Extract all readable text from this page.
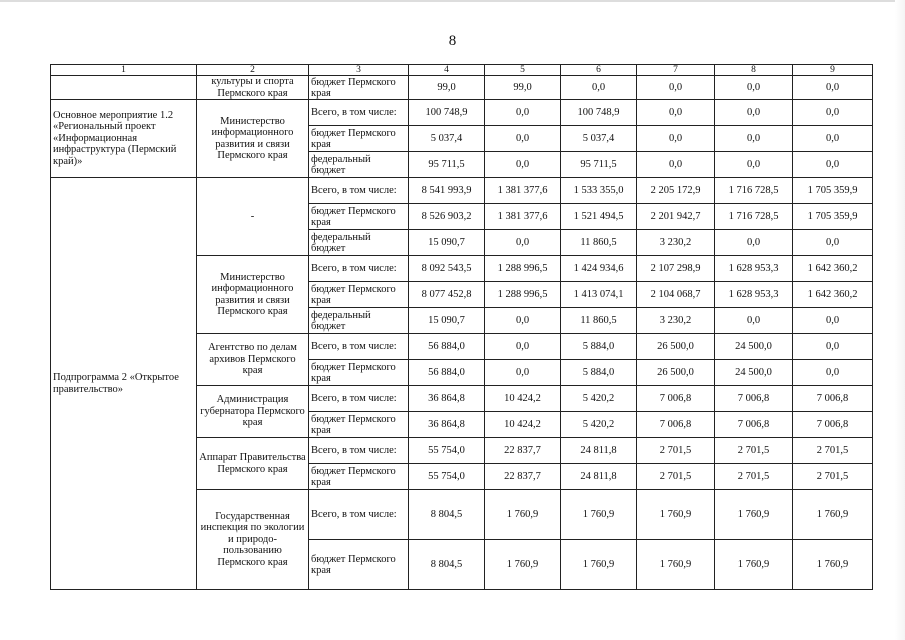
8
1	2	3	4	5	6	7	8	9
	культуры и спорта Пермского края	бюджет Пермского края	99,0	99,0	0,0	0,0	0,0	0,0
Основное мероприятие 1.2 «Региональный проект «Информационная инфраструктура (Пермский край)»	Министерство информационного развития и связи Пермского края	Всего, в том числе:	100 748,9	0,0	100 748,9	0,0	0,0	0,0
		бюджет Пермского края	5 037,4	0,0	5 037,4	0,0	0,0	0,0
		федеральный бюджет	95 711,5	0,0	95 711,5	0,0	0,0	0,0
Подпрограмма 2 «Открытое правительство»	-	Всего, в том числе:	8 541 993,9	1 381 377,6	1 533 355,0	2 205 172,9	1 716 728,5	1 705 359,9
		бюджет Пермского края	8 526 903,2	1 381 377,6	1 521 494,5	2 201 942,7	1 716 728,5	1 705 359,9
		федеральный бюджет	15 090,7	0,0	11 860,5	3 230,2	0,0	0,0
	Министерство информационного развития и связи Пермского края	Всего, в том числе:	8 092 543,5	1 288 996,5	1 424 934,6	2 107 298,9	1 628 953,3	1 642 360,2
		бюджет Пермского края	8 077 452,8	1 288 996,5	1 413 074,1	2 104 068,7	1 628 953,3	1 642 360,2
		федеральный бюджет	15 090,7	0,0	11 860,5	3 230,2	0,0	0,0
	Агентство по делам архивов Пермского края	Всего, в том числе:	56 884,0	0,0	5 884,0	26 500,0	24 500,0	0,0
		бюджет Пермского края	56 884,0	0,0	5 884,0	26 500,0	24 500,0	0,0
	Администрация губернатора Пермского края	Всего, в том числе:	36 864,8	10 424,2	5 420,2	7 006,8	7 006,8	7 006,8
		бюджет Пермского края	36 864,8	10 424,2	5 420,2	7 006,8	7 006,8	7 006,8
	Аппарат Правительства Пермского края	Всего, в том числе:	55 754,0	22 837,7	24 811,8	2 701,5	2 701,5	2 701,5
		бюджет Пермского края	55 754,0	22 837,7	24 811,8	2 701,5	2 701,5	2 701,5
	Государственная инспекция по экологии и природо-пользованию Пермского края	Всего, в том числе:	8 804,5	1 760,9	1 760,9	1 760,9	1 760,9	1 760,9
		бюджет Пермского края	8 804,5	1 760,9	1 760,9	1 760,9	1 760,9	1 760,9
